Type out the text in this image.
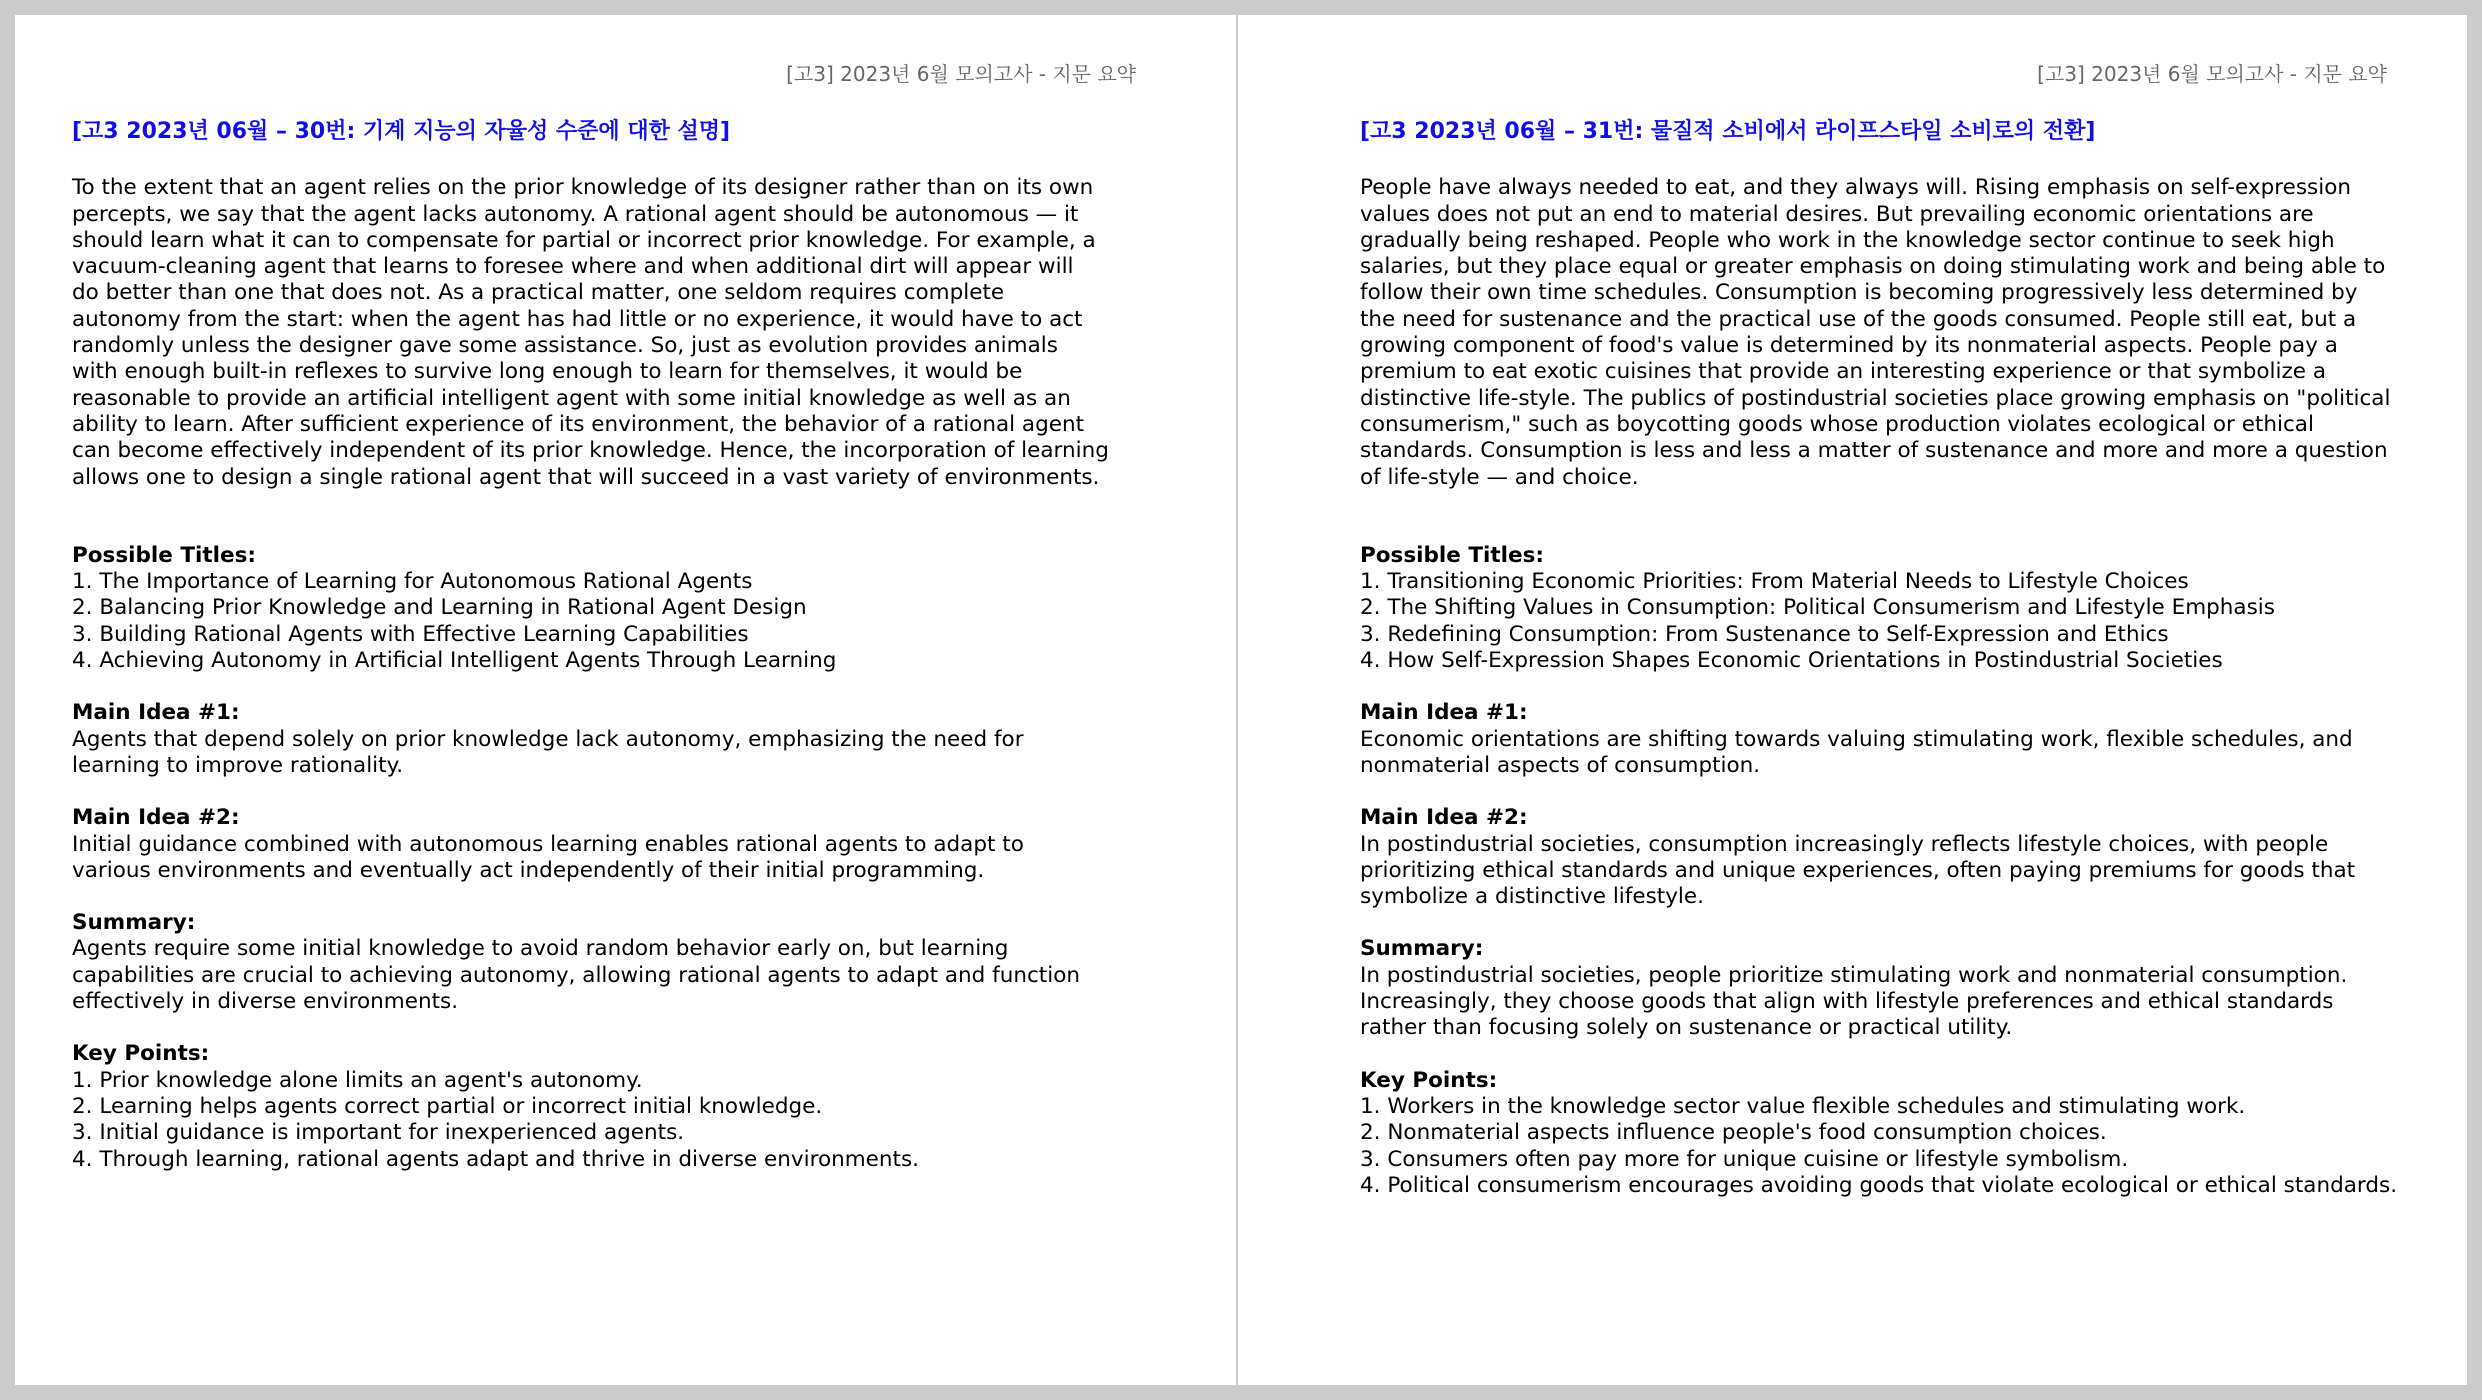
[고3] 2023년 6월 모의고사 - 지문 요약
[고3 2023년 06월 – 30번: 기계 지능의 자율성 수준에 대한 설명]

To the extent that an agent relies on the prior knowledge of its designer rather than on its own
percepts, we say that the agent lacks autonomy. A rational agent should be autonomous — it
should learn what it can to compensate for partial or incorrect prior knowledge. For example, a
vacuum-cleaning agent that learns to foresee where and when additional dirt will appear will
do better than one that does not. As a practical matter, one seldom requires complete
autonomy from the start: when the agent has had little or no experience, it would have to act
randomly unless the designer gave some assistance. So, just as evolution provides animals
with enough built-in reflexes to survive long enough to learn for themselves, it would be
reasonable to provide an artificial intelligent agent with some initial knowledge as well as an
ability to learn. After sufficient experience of its environment, the behavior of a rational agent
can become effectively independent of its prior knowledge. Hence, the incorporation of learning
allows one to design a single rational agent that will succeed in a vast variety of environments.

Possible Titles:
1. The Importance of Learning for Autonomous Rational Agents
2. Balancing Prior Knowledge and Learning in Rational Agent Design
3. Building Rational Agents with Effective Learning Capabilities
4. Achieving Autonomy in Artificial Intelligent Agents Through Learning
Main Idea #1:

Agents that depend solely on prior knowledge lack autonomy, emphasizing the need for
learning to improve rationality.

Main Idea #2:

Initial guidance combined with autonomous learning enables rational agents to adapt to
various environments and eventually act independently of their initial programming.

Summary:

Agents require some initial knowledge to avoid random behavior early on, but learning
capabilities are crucial to achieving autonomy, allowing rational agents to adapt and function
effectively in diverse environments.

Key Points:
1. Prior knowledge alone limits an agent's autonomy.
2. Learning helps agents correct partial or incorrect initial knowledge.
3. Initial guidance is important for inexperienced agents.
4. Through learning, rational agents adapt and thrive in diverse environments.
[고3] 2023년 6월 모의고사 - 지문 요약
[고3 2023년 06월 – 31번: 물질적 소비에서 라이프스타일 소비로의 전환]

People have always needed to eat, and they always will. Rising emphasis on self-expression
values does not put an end to material desires. But prevailing economic orientations are
gradually being reshaped. People who work in the knowledge sector continue to seek high
salaries, but they place equal or greater emphasis on doing stimulating work and being able to
follow their own time schedules. Consumption is becoming progressively less determined by
the need for sustenance and the practical use of the goods consumed. People still eat, but a
growing component of food's value is determined by its nonmaterial aspects. People pay a
premium to eat exotic cuisines that provide an interesting experience or that symbolize a
distinctive life-style. The publics of postindustrial societies place growing emphasis on "political
consumerism," such as boycotting goods whose production violates ecological or ethical
standards. Consumption is less and less a matter of sustenance and more and more a question
of life-style — and choice.

Possible Titles:
1. Transitioning Economic Priorities: From Material Needs to Lifestyle Choices
2. The Shifting Values in Consumption: Political Consumerism and Lifestyle Emphasis
3. Redefining Consumption: From Sustenance to Self-Expression and Ethics
4. How Self-Expression Shapes Economic Orientations in Postindustrial Societies
Main Idea #1:

Economic orientations are shifting towards valuing stimulating work, flexible schedules, and
nonmaterial aspects of consumption.

Main Idea #2:

In postindustrial societies, consumption increasingly reflects lifestyle choices, with people
prioritizing ethical standards and unique experiences, often paying premiums for goods that
symbolize a distinctive lifestyle.

Summary:

In postindustrial societies, people prioritize stimulating work and nonmaterial consumption.
Increasingly, they choose goods that align with lifestyle preferences and ethical standards
rather than focusing solely on sustenance or practical utility.

Key Points:
1. Workers in the knowledge sector value flexible schedules and stimulating work.
2. Nonmaterial aspects influence people's food consumption choices.
3. Consumers often pay more for unique cuisine or lifestyle symbolism.
4. Political consumerism encourages avoiding goods that violate ecological or ethical standards.
